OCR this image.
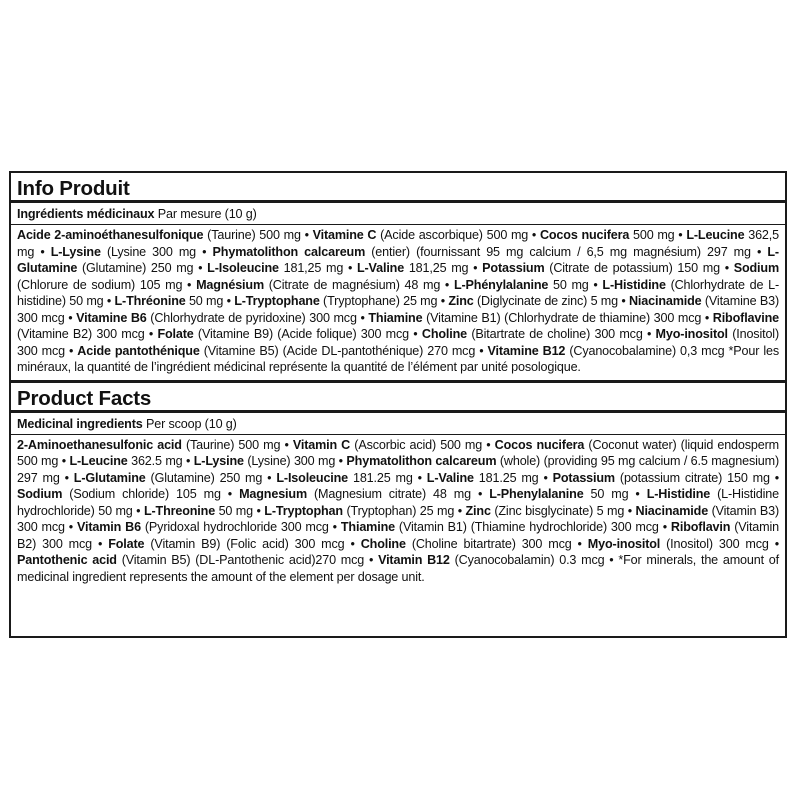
Info Produit
Ingrédients médicinaux Par mesure (10 g)
Acide 2-aminoéthanesulfonique (Taurine) 500 mg • Vitamine C (Acide ascorbique) 500 mg • Cocos nucifera 500 mg • L-Leucine 362,5 mg • L-Lysine (Lysine 300 mg • Phymatolithon calcareum (entier) (fournissant 95 mg calcium / 6,5 mg magnésium) 297 mg • L-Glutamine (Glutamine) 250 mg • L-Isoleucine 181,25 mg • L-Valine 181,25 mg • Potassium (Citrate de potassium) 150 mg • Sodium (Chlorure de sodium) 105 mg • Magnésium (Citrate de magnésium) 48 mg • L-Phénylalanine 50 mg • L-Histidine (Chlorhydrate de L-histidine) 50 mg • L-Thréonine 50 mg • L-Tryptophane (Tryptophane) 25 mg • Zinc (Diglycinate de zinc) 5 mg • Niacinamide (Vitamine B3) 300 mcg • Vitamine B6 (Chlorhydrate de pyridoxine) 300 mcg • Thiamine (Vitamine B1) (Chlorhydrate de thiamine) 300 mcg • Riboflavine (Vitamine B2) 300 mcg • Folate (Vitamine B9) (Acide folique) 300 mcg • Choline (Bitartrate de choline) 300 mcg • Myo-inositol (Inositol) 300 mcg • Acide pantothénique (Vitamine B5) (Acide DL-pantothénique) 270 mcg • Vitamine B12 (Cyanocobalamine) 0,3 mcg *Pour les minéraux, la quantité de l’ingrédient médicinal représente la quantité de l’élément par unité posologique.
Product Facts
Medicinal ingredients Per scoop (10 g)
2-Aminoethanesulfonic acid (Taurine) 500 mg • Vitamin C (Ascorbic acid) 500 mg • Cocos nucifera (Coconut water) (liquid endosperm 500 mg • L-Leucine 362.5 mg • L-Lysine (Lysine) 300 mg • Phymatolithon calcareum (whole) (providing 95 mg calcium / 6.5 magnesium) 297 mg • L-Glutamine (Glutamine) 250 mg • L-Isoleucine 181.25 mg • L-Valine 181.25 mg • Potassium (potassium citrate) 150 mg • Sodium (Sodium chloride) 105 mg • Magnesium (Magnesium citrate) 48 mg • L-Phenylalanine 50 mg • L-Histidine (L-Histidine hydrochloride) 50 mg • L-Threonine 50 mg • L-Tryptophan (Tryptophan) 25 mg • Zinc (Zinc bisglycinate) 5 mg • Niacinamide (Vitamin B3) 300 mcg • Vitamin B6 (Pyridoxal hydrochloride 300 mcg • Thiamine (Vitamin B1) (Thiamine hydrochloride) 300 mcg • Riboflavin (Vitamin B2) 300 mcg • Folate (Vitamin B9) (Folic acid) 300 mcg • Choline (Choline bitartrate) 300 mcg • Myo-inositol (Inositol) 300 mcg • Pantothenic acid (Vitamin B5) (DL-Pantothenic acid)270 mcg • Vitamin B12 (Cyanocobalamin) 0.3 mcg • *For minerals, the amount of medicinal ingredient represents the amount of the element per dosage unit.
